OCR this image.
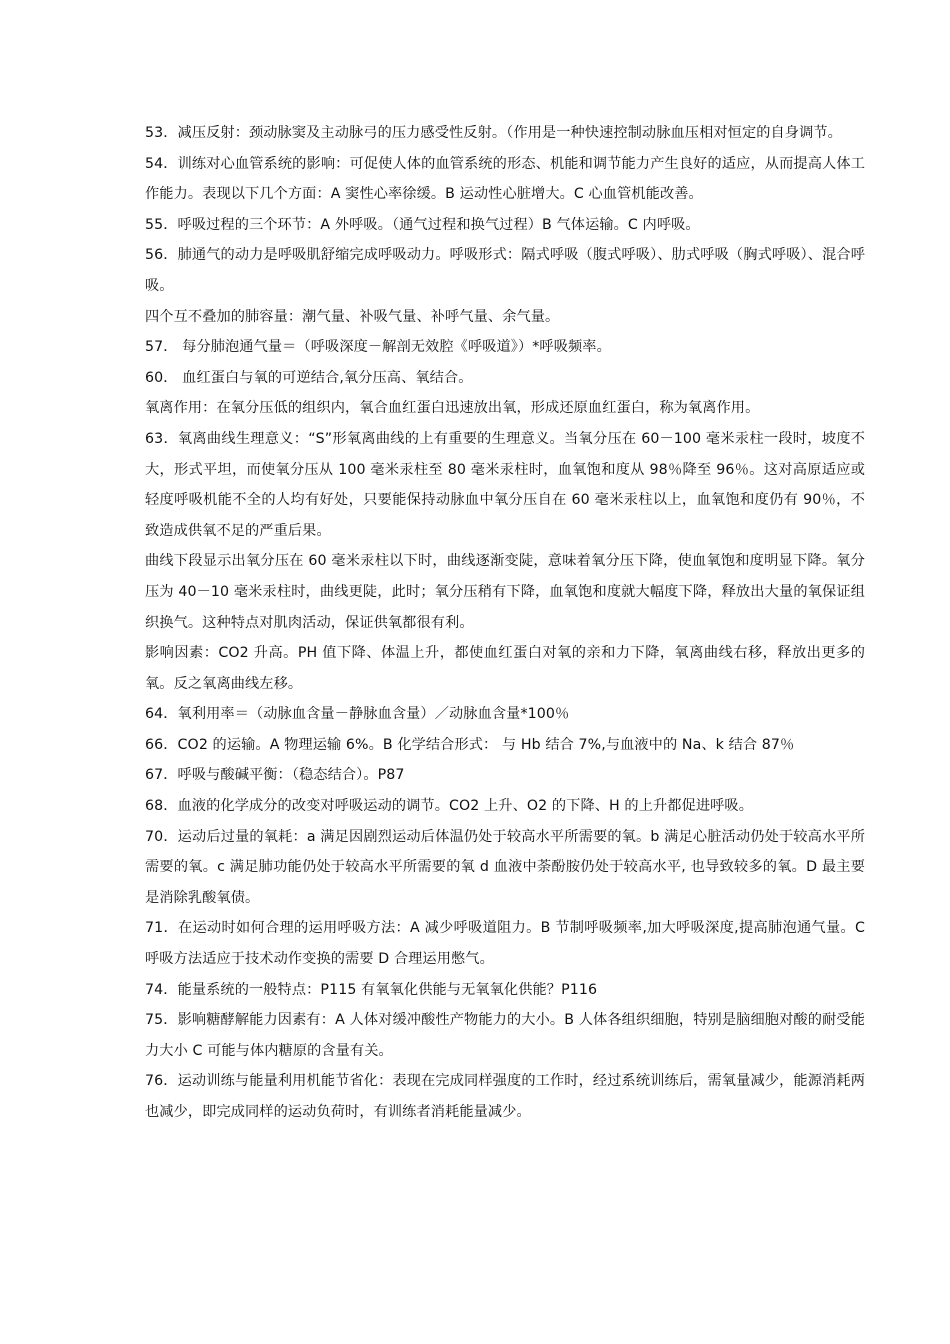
53．减压反射：颈动脉窦及主动脉弓的压力感受性反射。（作用是一种快速控制动脉血压相对恒定的自身调节。

54．训练对心血管系统的影响：可促使人体的血管系统的形态、机能和调节能力产生良好的适应，从而提高人体工作能力。表现以下几个方面：A 窦性心率徐缓。B 运动性心脏增大。C 心血管机能改善。

55．呼吸过程的三个环节：A 外呼吸。（通气过程和换气过程）B 气体运输。C 内呼吸。

56．肺通气的动力是呼吸肌舒缩完成呼吸动力。呼吸形式：隔式呼吸（腹式呼吸）、肋式呼吸（胸式呼吸）、混合呼吸。

四个互不叠加的肺容量：潮气量、补吸气量、补呼气量、余气量。

57． 每分肺泡通气量＝（呼吸深度－解剖无效腔《呼吸道》）*呼吸频率。

60． 血红蛋白与氧的可逆结合,氧分压高、氧结合。

氧离作用：在氧分压低的组织内，氧合血红蛋白迅速放出氧，形成还原血红蛋白，称为氧离作用。

63．氧离曲线生理意义：“S”形氧离曲线的上有重要的生理意义。当氧分压在 60－100 毫米汞柱一段时，坡度不大，形式平坦，而使氧分压从 100 毫米汞柱至 80 毫米汞柱时，血氧饱和度从 98％降至 96％。这对高原适应或轻度呼吸机能不全的人均有好处，只要能保持动脉血中氧分压自在 60 毫米汞柱以上，血氧饱和度仍有 90％，不致造成供氧不足的严重后果。

曲线下段显示出氧分压在 60 毫米汞柱以下时，曲线逐渐变陡，意味着氧分压下降，使血氧饱和度明显下降。氧分压为 40－10 毫米汞柱时，曲线更陡，此时；氧分压稍有下降，血氧饱和度就大幅度下降，释放出大量的氧保证组织换气。这种特点对肌肉活动，保证供氧都很有利。

影响因素：CO2 升高。PH 值下降、体温上升，都使血红蛋白对氧的亲和力下降，氧离曲线右移，释放出更多的氧。反之氧离曲线左移。

64．氧利用率＝（动脉血含量－静脉血含量）／动脉血含量*100％

66．CO2 的运输。A 物理运输 6%。B 化学结合形式： 与 Hb 结合 7%,与血液中的 Na、k 结合 87％

67．呼吸与酸碱平衡：（稳态结合）。P87

68．血液的化学成分的改变对呼吸运动的调节。CO2 上升、O2 的下降、H 的上升都促进呼吸。

70．运动后过量的氧耗：a 满足因剧烈运动后体温仍处于较高水平所需要的氧。b 满足心脏活动仍处于较高水平所需要的氧。c 满足肺功能仍处于较高水平所需要的氧 d 血液中荼酚胺仍处于较高水平, 也导致较多的氧。D 最主要是消除乳酸氧债。

71．在运动时如何合理的运用呼吸方法：A 减少呼吸道阻力。B 节制呼吸频率,加大呼吸深度,提高肺泡通气量。C 呼吸方法适应于技术动作变换的需要 D 合理运用憋气。

74．能量系统的一般特点：P115 有氧氧化供能与无氧氧化供能？P116

75．影响糖酵解能力因素有：A 人体对缓冲酸性产物能力的大小。B 人体各组织细胞，特别是脑细胞对酸的耐受能力大小 C 可能与体内糖原的含量有关。

76．运动训练与能量利用机能节省化：表现在完成同样强度的工作时，经过系统训练后，需氧量减少，能源消耗两也减少，即完成同样的运动负荷时，有训练者消耗能量减少。
